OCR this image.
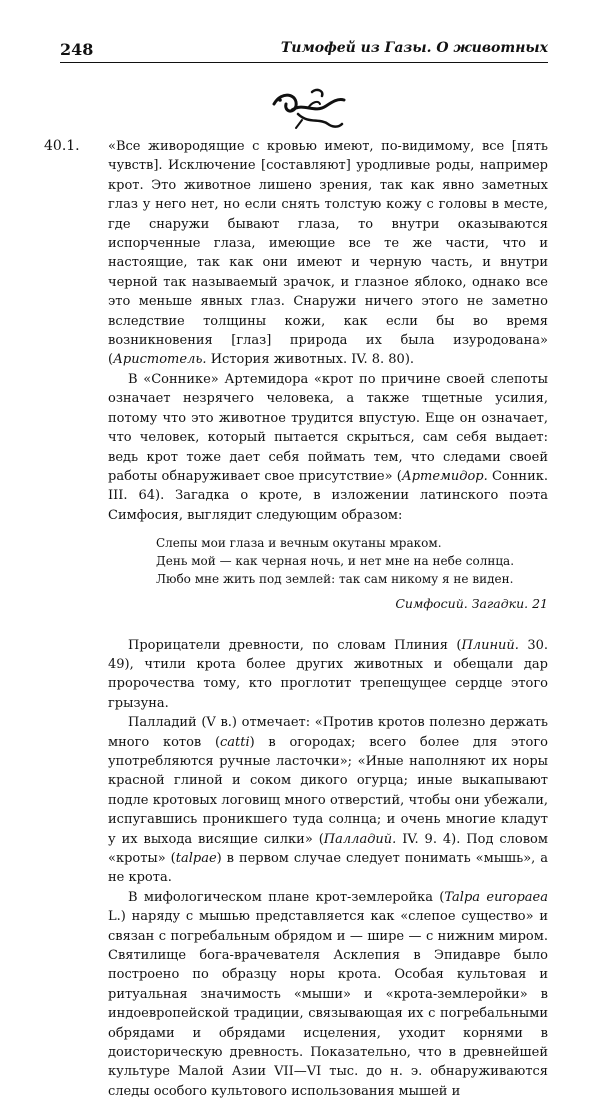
248	Тимофей из Газы. О животных
40.1. «Все живородящие с кровью имеют, по-видимому, все [пять чувств]. Исключение [составляют] уродливые роды, например крот. Это животное лишено зрения, так как явно заметных глаз у него нет, но если снять толстую кожу с головы в месте, где снаружи бывают глаза, то внутри оказываются испорченные глаза, имеющие все те же части, что и настоящие, так как они имеют и черную часть, и внутри черной так называемый зрачок, и глазное яблоко, однако все это меньше явных глаз. Снаружи ничего этого не заметно вследствие толщины кожи, как если бы во время возникновения [глаз] природа их была изуродована» (Аристотель. История животных. IV. 8. 80).

В «Соннике» Артемидора «крот по причине своей слепоты означает незрячего человека, а также тщетные усилия, потому что это животное трудится впустую. Еще он означает, что человек, который пытается скрыться, сам себя выдает: ведь крот тоже дает себя поймать тем, что следами своей работы обнаруживает свое присутствие» (Артемидор. Сонник. III. 64). Загадка о кроте, в изложении латинского поэта Симфосия, выглядит следующим образом:

Слепы мои глаза и вечным окутаны мраком.
День мой — как черная ночь, и нет мне на небе солнца.
Любо мне жить под землей: так сам никому я не виден.
Симфосий. Загадки. 21

Прорицатели древности, по словам Плиния (Плиний. 30. 49), чтили крота более других животных и обещали дар пророчества тому, кто проглотит трепещущее сердце этого грызуна.

Палладий (V в.) отмечает: «Против кротов полезно держать много котов (catti) в огородах; всего более для этого употребляются ручные ласточки»; «Иные наполняют их норы красной глиной и соком дикого огурца; иные выкапывают подле кротовых логовищ много отверстий, чтобы они убежали, испугавшись проникшего туда солнца; и очень многие кладут у их выхода висящие силки» (Палладий. IV. 9. 4). Под словом «кроты» (talpae) в первом случае следует понимать «мышь», а не крота.

В мифологическом плане крот-землеройка (Talpa europaea L.) наряду с мышью представляется как «слепое существо» и связан с погребальным обрядом и — шире — с нижним миром. Святилище бога-врачевателя Асклепия в Эпидавре было построено по образцу норы крота. Особая культовая и ритуальная значимость «мыши» и «крота-землеройки» в индоевропейской традиции, связывающая их с погребальными обрядами и обрядами исцеления, уходит корнями в доисторическую древность. Показательно, что в древнейшей культуре Малой Азии VII—VI тыс. до н. э. обнаруживаются следы особого культового использования мышей и
